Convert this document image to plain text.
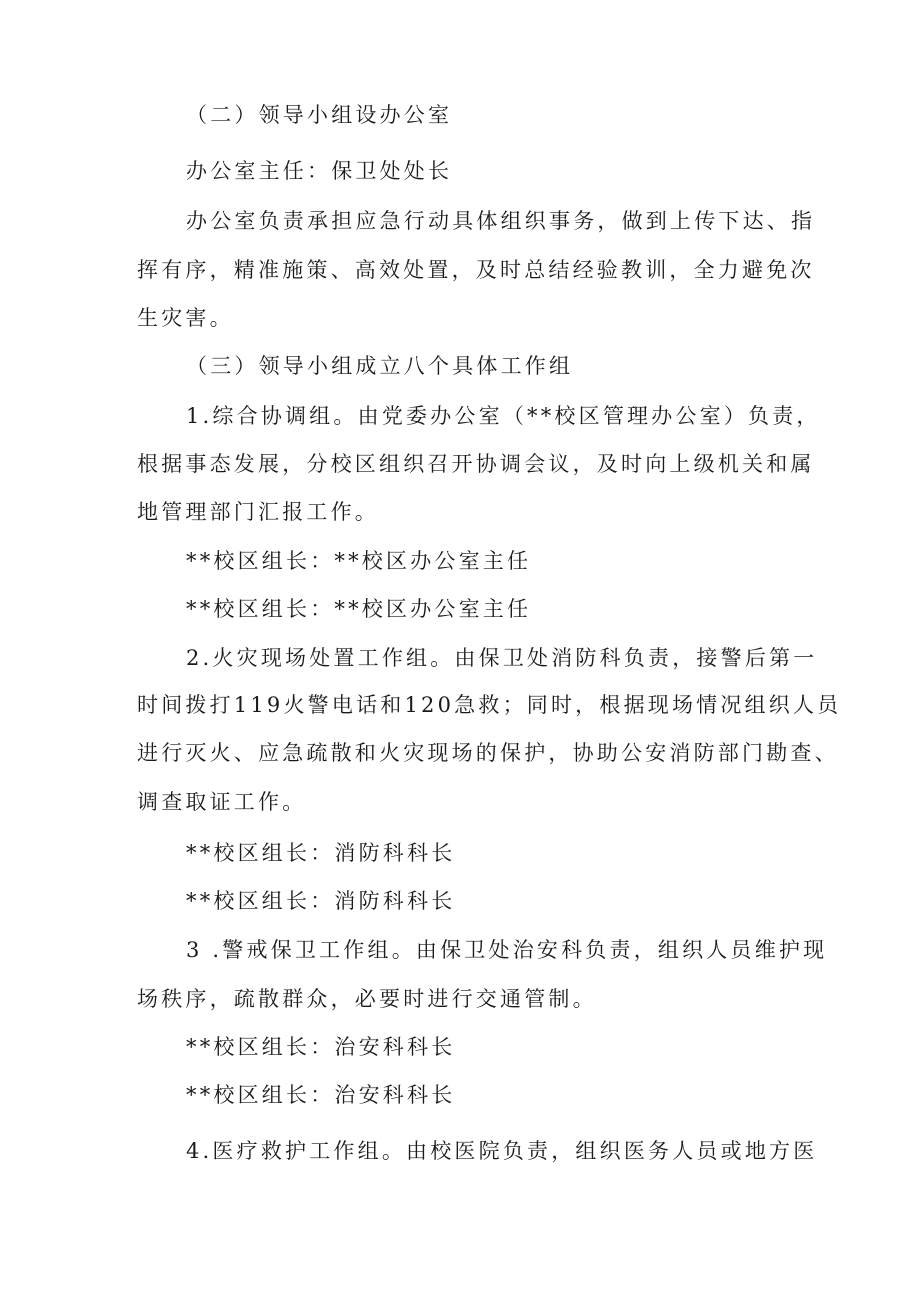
（二）领导小组设办公室
办公室主任：保卫处处长
办公室负责承担应急行动具体组织事务，做到上传下达、指
挥有序，精准施策、高效处置，及时总结经验教训，全力避免次
生灾害。
（三）领导小组成立八个具体工作组
1.综合协调组。由党委办公室（**校区管理办公室）负责，
根据事态发展，分校区组织召开协调会议，及时向上级机关和属
地管理部门汇报工作。
**校区组长：**校区办公室主任
**校区组长：**校区办公室主任
2.火灾现场处置工作组。由保卫处消防科负责，接警后第一
时间拨打119火警电话和120急救；同时，根据现场情况组织人员
进行灭火、应急疏散和火灾现场的保护，协助公安消防部门勘查、
调查取证工作。
**校区组长：消防科科长
**校区组长：消防科科长
3 .警戒保卫工作组。由保卫处治安科负责，组织人员维护现
场秩序，疏散群众，必要时进行交通管制。
**校区组长：治安科科长
**校区组长：治安科科长
4.医疗救护工作组。由校医院负责，组织医务人员或地方医
